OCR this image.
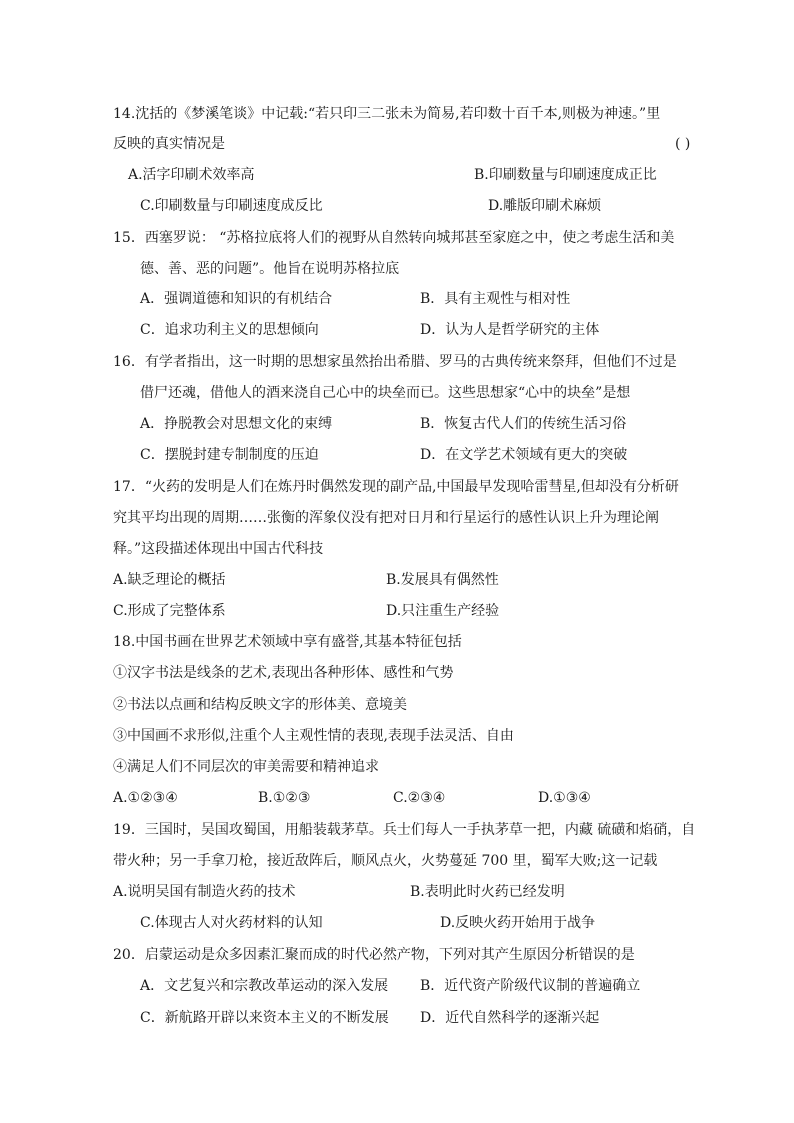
14.沈括的《梦溪笔谈》中记载:“若只印三二张未为简易,若印数十百千本,则极为神速。”里
反映的真实情况是	( )
A.活字印刷术效率高	B.印刷数量与印刷速度成正比
C.印刷数量与印刷速度成反比	D.雕版印刷术麻烦
15．西塞罗说： “苏格拉底将人们的视野从自然转向城邦甚至家庭之中，使之考虑生活和美
德、善、恶的问题”。他旨在说明苏格拉底
A．强调道德和知识的有机结合	B．具有主观性与相对性
C．追求功利主义的思想倾向	D．认为人是哲学研究的主体
16．有学者指出，这一时期的思想家虽然抬出希腊、罗马的古典传统来祭拜，但他们不过是
借尸还魂，借他人的酒来浇自己心中的块垒而已。这些思想家“心中的块垒”是想
A．挣脱教会对思想文化的束缚	B．恢复古代人们的传统生活习俗
C．摆脱封建专制制度的压迫	D．在文学艺术领域有更大的突破
17．“火药的发明是人们在炼丹时偶然发现的副产品,中国最早发现哈雷彗星,但却没有分析研
究其平均出现的周期……张衡的浑象仪没有把对日月和行星运行的感性认识上升为理论阐
释。”这段描述体现出中国古代科技
A.缺乏理论的概括	B.发展具有偶然性
C.形成了完整体系	D.只注重生产经验
18.中国书画在世界艺术领域中享有盛誉,其基本特征包括
①汉字书法是线条的艺术,表现出各种形体、感性和气势
②书法以点画和结构反映文字的形体美、意境美
③中国画不求形似,注重个人主观性情的表现,表现手法灵活、自由
④满足人们不同层次的审美需要和精神追求
A.①②③④	B.①②③	C.②③④	D.①③④
19．三国时，吴国攻蜀国，用船装载茅草。兵士们每人一手执茅草一把，内藏 硫磺和焰硝，自
带火种；另一手拿刀枪，接近敌阵后，顺风点火，火势蔓延 700 里，蜀军大败;这一记载
A.说明吴国有制造火药的技术	B.表明此时火药已经发明
C.体现古人对火药材料的认知	D.反映火药开始用于战争
20．启蒙运动是众多因素汇聚而成的时代必然产物，下列对其产生原因分析错误的是
A．文艺复兴和宗教改革运动的深入发展 B．近代资产阶级代议制的普遍确立
C．新航路开辟以来资本主义的不断发展 D．近代自然科学的逐渐兴起
